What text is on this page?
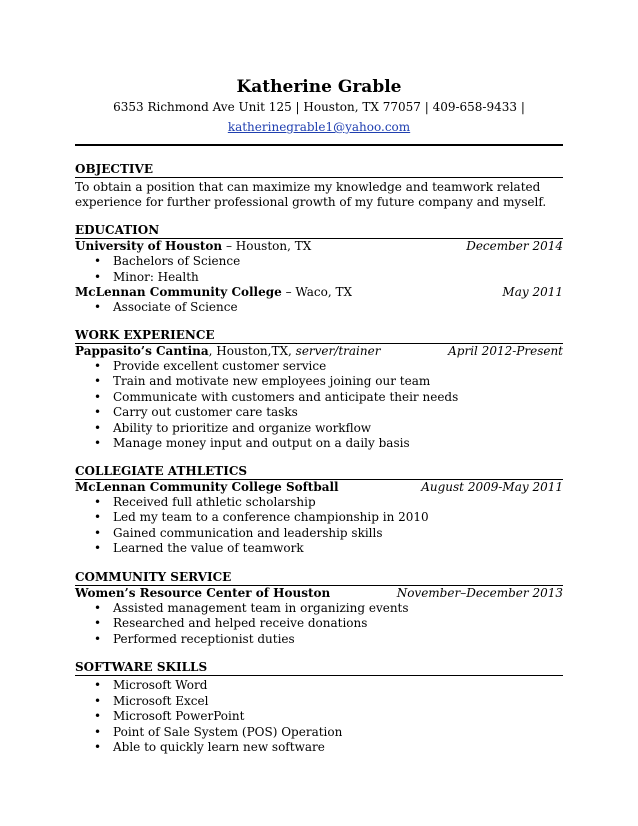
Katherine Grable
6353 Richmond Ave Unit 125 | Houston, TX 77057 | 409-658-9433 |
katherinegrable1@yahoo.com
OBJECTIVE
To obtain a position that can maximize my knowledge and teamwork related experience for further professional growth of my future company and myself.
EDUCATION
University of Houston – Houston, TX	December 2014
• Bachelors of Science
• Minor: Health
McLennan Community College – Waco, TX	May 2011
• Associate of Science
WORK EXPERIENCE
Pappasito’s Cantina, Houston,TX, server/trainer	April 2012-Present
• Provide excellent customer service
• Train and motivate new employees joining our team
• Communicate with customers and anticipate their needs
• Carry out customer care tasks
• Ability to prioritize and organize workflow
• Manage money input and output on a daily basis
COLLEGIATE ATHLETICS
McLennan Community College Softball	August 2009-May 2011
• Received full athletic scholarship
• Led my team to a conference championship in 2010
• Gained communication and leadership skills
• Learned the value of teamwork
COMMUNITY SERVICE
Women’s Resource Center of Houston	November–December 2013
• Assisted management team in organizing events
• Researched and helped receive donations
• Performed receptionist duties
SOFTWARE SKILLS
• Microsoft Word
• Microsoft Excel
• Microsoft PowerPoint
• Point of Sale System (POS) Operation
• Able to quickly learn new software
